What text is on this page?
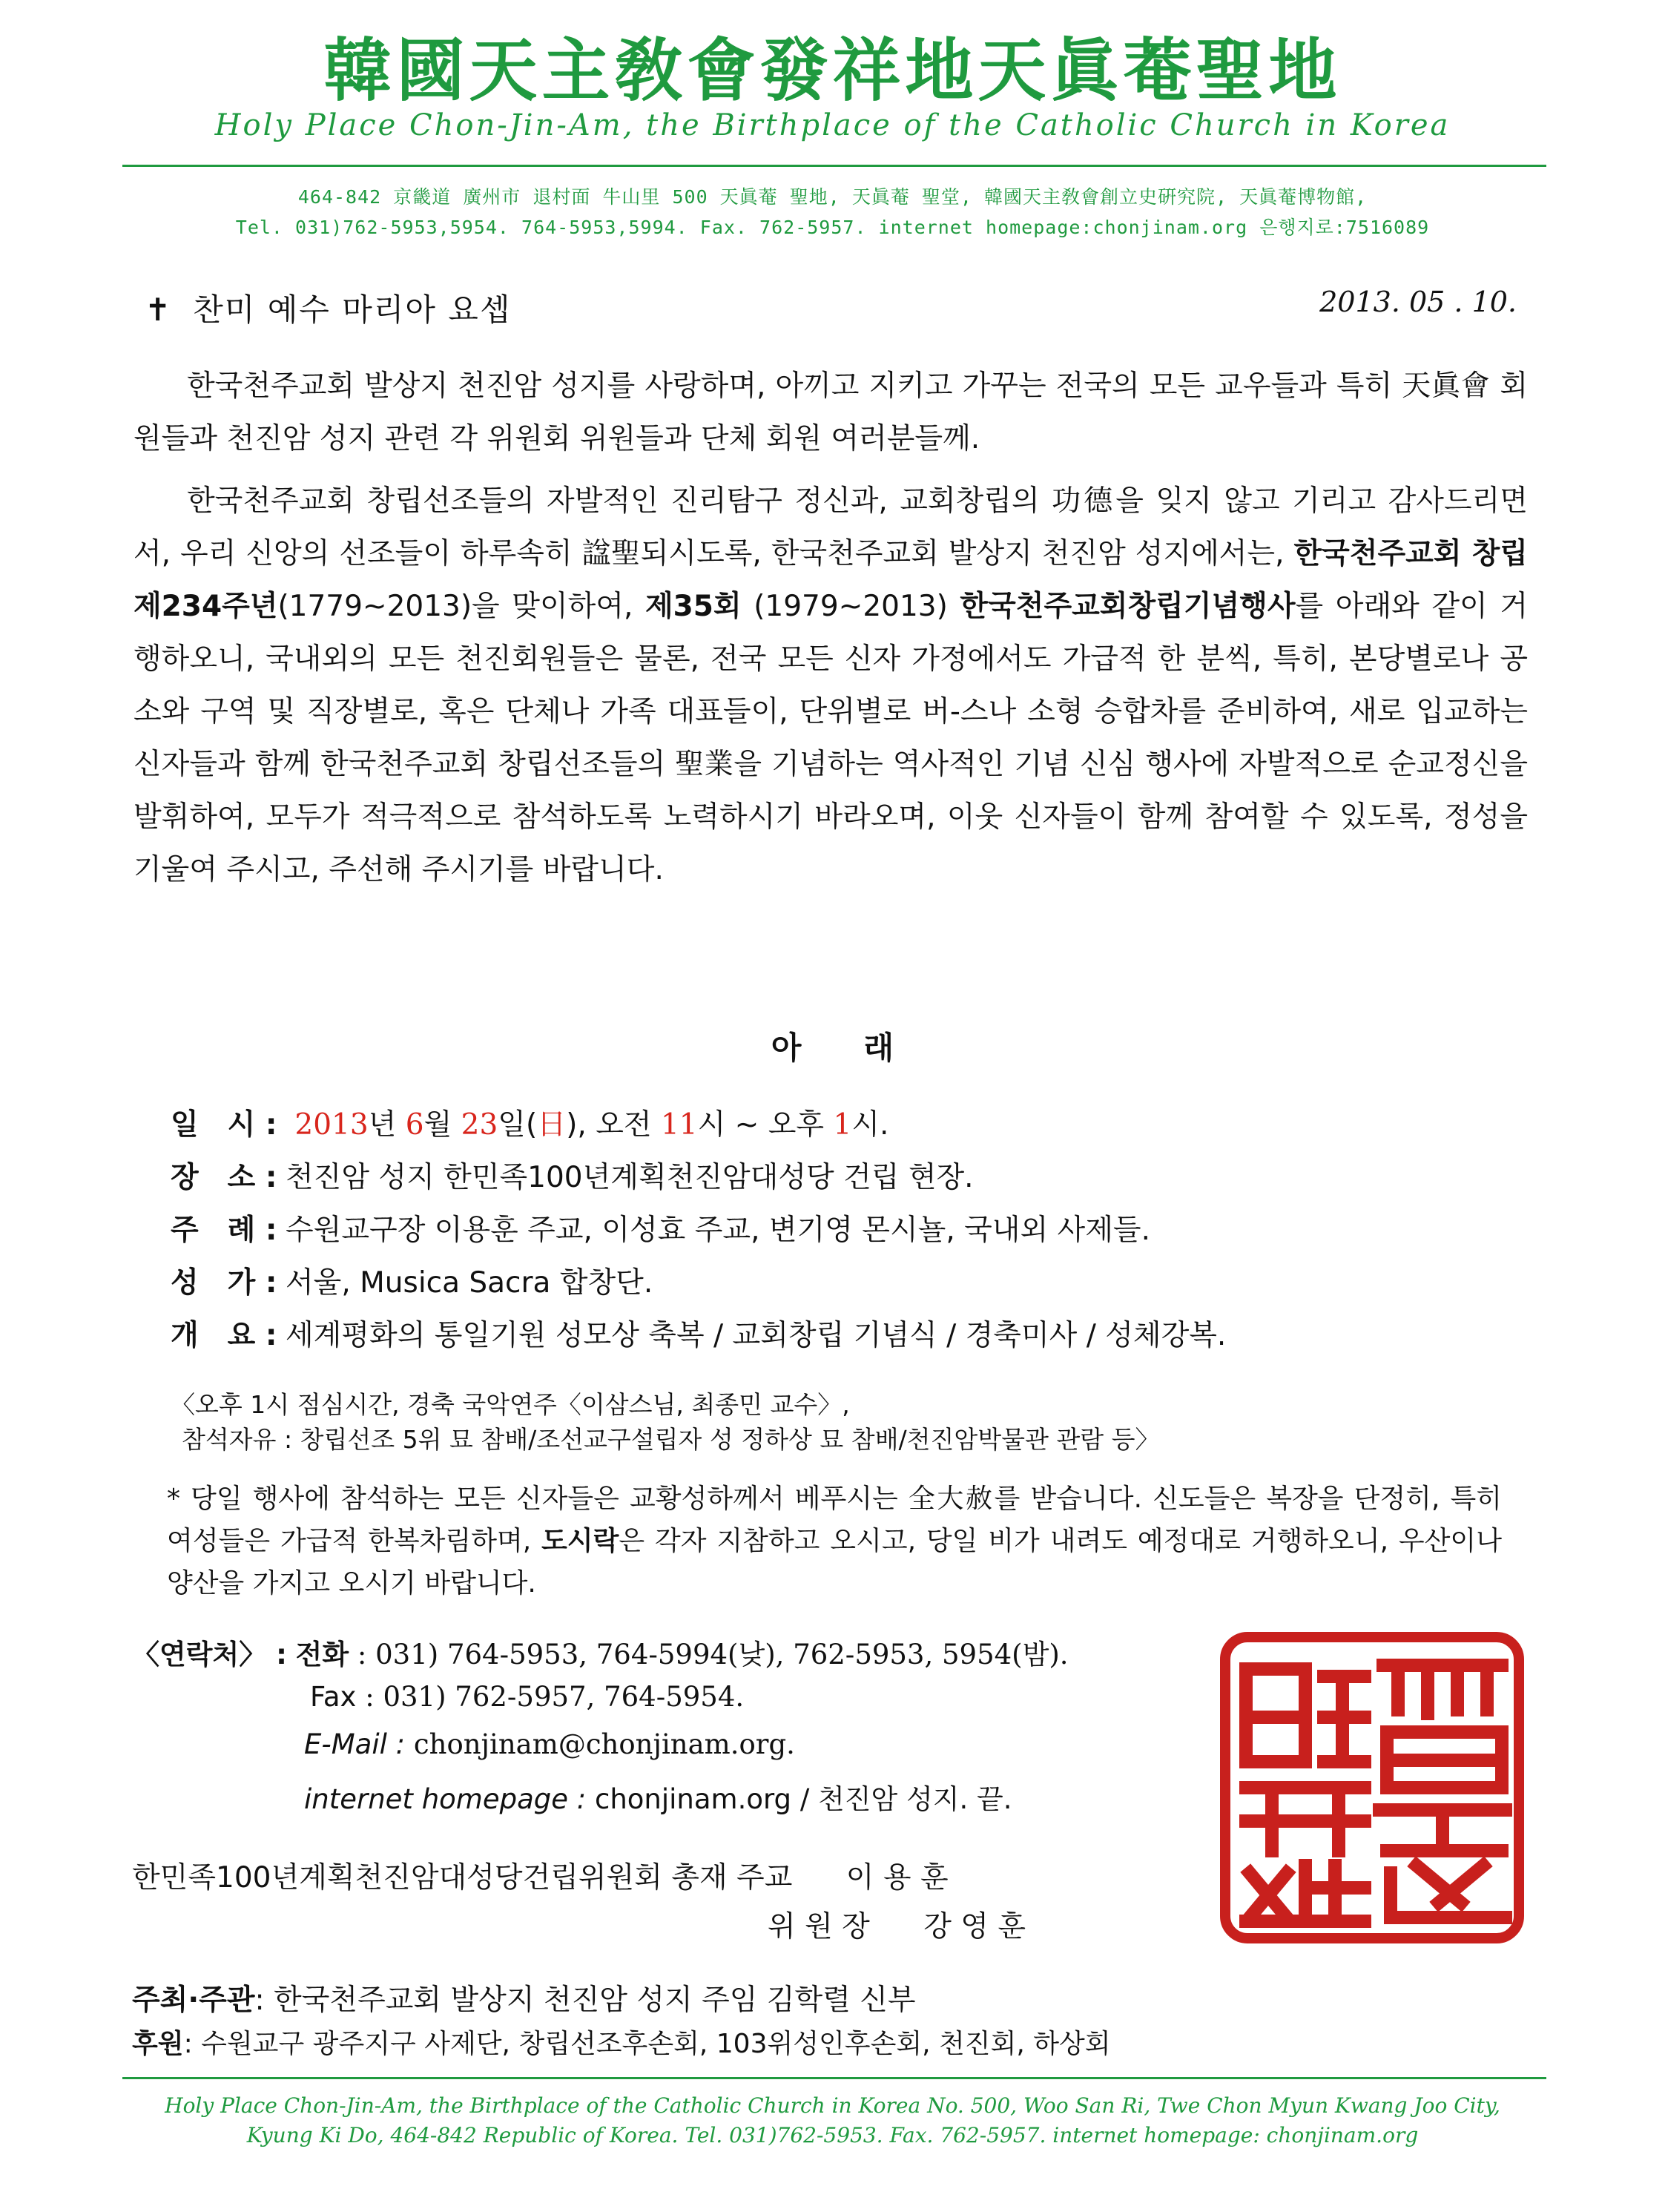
韓國天主敎會發祥地天眞菴聖地
Holy Place Chon-Jin-Am, the Birthplace of the Catholic Church in Korea
464-842 京畿道 廣州市 退村面 牛山里 500 天眞菴 聖地, 天眞菴 聖堂, 韓國天主敎會創立史硏究院, 天眞菴博物館,
Tel. 031)762-5953,5954. 764-5953,5994. Fax. 762-5957. internet homepage:chonjinam.org 은행지로:7516089
✝ 찬미 예수 마리아 요셉	2013. 05 . 10.
한국천주교회 발상지 천진암 성지를 사랑하며, 아끼고 지키고 가꾸는 전국의 모든 교우들과 특히 天眞會 회원들과 천진암 성지 관련 각 위원회 위원들과 단체 회원 여러분들께.
한국천주교회 창립선조들의 자발적인 진리탐구 정신과, 교회창립의 功德을 잊지 않고 기리고 감사드리면서, 우리 신앙의 선조들이 하루속히 諡聖되시도록, 한국천주교회 발상지 천진암 성지에서는, 한국천주교회 창립 제234주년(1779~2013)을 맞이하여, 제35회 (1979~2013) 한국천주교회창립기념행사를 아래와 같이 거행하오니, 국내외의 모든 천진회원들은 물론, 전국 모든 신자 가정에서도 가급적 한 분씩, 특히, 본당별로나 공소와 구역 및 직장별로, 혹은 단체나 가족 대표들이, 단위별로 버-스나 소형 승합차를 준비하여, 새로 입교하는 신자들과 함께 한국천주교회 창립선조들의 聖業을 기념하는 역사적인 기념 신심 행사에 자발적으로 순교정신을 발휘하여, 모두가 적극적으로 참석하도록 노력하시기 바라오며, 이웃 신자들이 함께 참여할 수 있도록, 정성을 기울여 주시고, 주선해 주시기를 바랍니다.
아　　래
일　시 : 2013년 6월 23일(日), 오전 11시 ~ 오후 1시.
장　소 : 천진암 성지 한민족100년계획천진암대성당 건립 현장.
주　례 : 수원교구장 이용훈 주교, 이성효 주교, 변기영 몬시뇰, 국내외 사제들.
성　가 : 서울, Musica Sacra 합창단.
개　요 : 세계평화의 통일기원 성모상 축복 / 교회창립 기념식 / 경축미사 / 성체강복.
〈오후 1시 점심시간, 경축 국악연주〈이삼스님, 최종민 교수〉,
참석자유 : 창립선조 5위 묘 참배/조선교구설립자 성 정하상 묘 참배/천진암박물관 관람 등〉
* 당일 행사에 참석하는 모든 신자들은 교황성하께서 베푸시는 全大赦를 받습니다. 신도들은 복장을 단정히, 특히 여성들은 가급적 한복차림하며, 도시락은 각자 지참하고 오시고, 당일 비가 내려도 예정대로 거행하오니, 우산이나 양산을 가지고 오시기 바랍니다.
〈연락처〉 : 전화 : 031) 764-5953, 764-5994(낮), 762-5953, 5954(밤).
Fax : 031) 762-5957, 764-5954.
E-Mail : chonjinam@chonjinam.org.
internet homepage : chonjinam.org / 천진암 성지. 끝.
한민족100년계획천진암대성당건립위원회 총재 주교 이 용 훈
위 원 장 강 영 훈
주최·주관: 한국천주교회 발상지 천진암 성지 주임 김학렬 신부
후원: 수원교구 광주지구 사제단, 창립선조후손회, 103위성인후손회, 천진회, 하상회
Holy Place Chon-Jin-Am, the Birthplace of the Catholic Church in Korea No. 500, Woo San Ri, Twe Chon Myun Kwang Joo City,
Kyung Ki Do, 464-842 Republic of Korea. Tel. 031)762-5953. Fax. 762-5957. internet homepage: chonjinam.org
